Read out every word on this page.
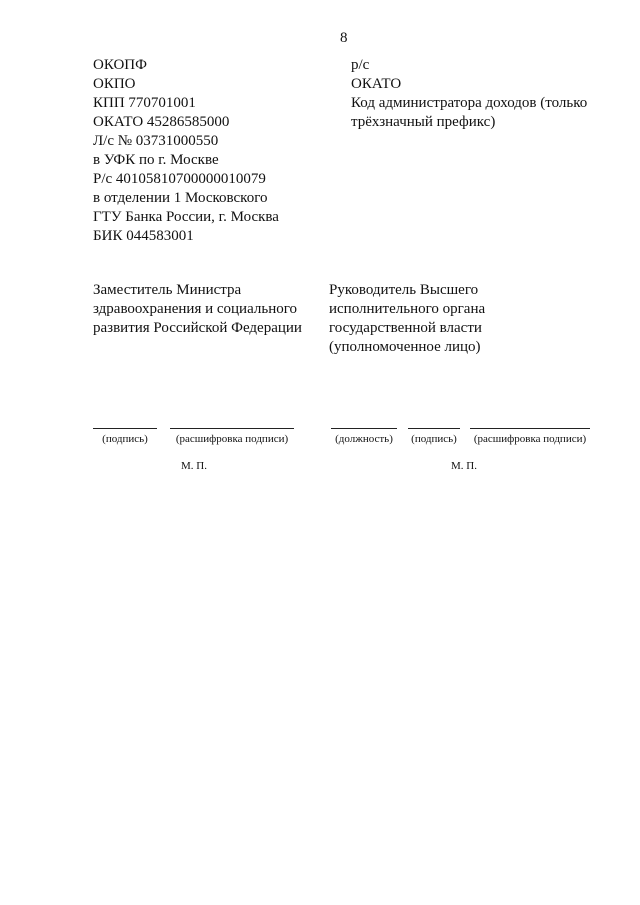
8
ОКОПФ
ОКПО
КПП 770701001
ОКАТО 45286585000
Л/с № 03731000550
в УФК по г. Москве
Р/с 40105810700000010079
в отделении 1 Московского
ГТУ Банка России, г. Москва
БИК 044583001
р/с
ОКАТО
Код администратора доходов (только
трёхзначный префикс)
Заместитель Министра
здравоохранения и социального
развития Российской Федерации
Руководитель Высшего
исполнительного органа
государственной власти
(уполномоченное лицо)
(подпись)	(расшифровка подписи)	(должность)	(подпись)	(расшифровка подписи)
М. П.	М. П.
